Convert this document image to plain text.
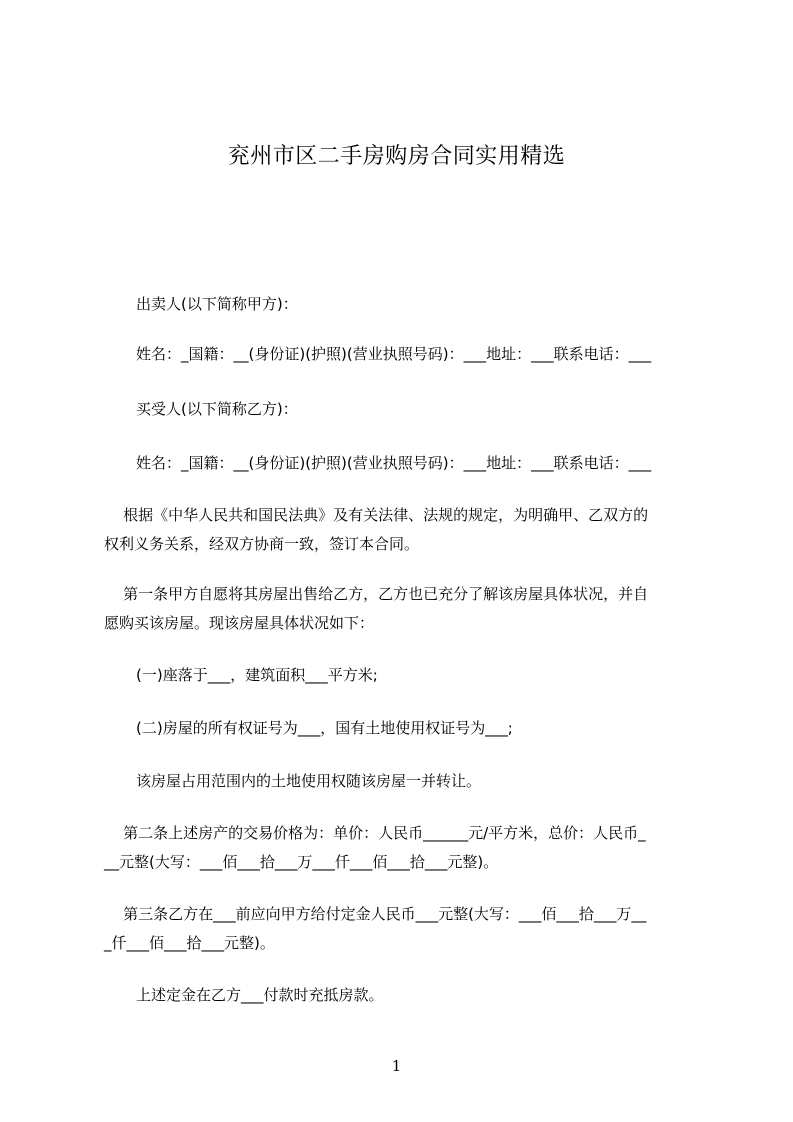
兖州市区二手房购房合同实用精选

出卖人(以下简称甲方)：

姓名：_国籍：__(身份证)(护照)(营业执照号码)：___地址：___联系电话：___

买受人(以下简称乙方)：

姓名：_国籍：__(身份证)(护照)(营业执照号码)：___地址：___联系电话：___

根据《中华人民共和国民法典》及有关法律、法规的规定，为明确甲、乙双方的
权利义务关系，经双方协商一致，签订本合同。

第一条甲方自愿将其房屋出售给乙方，乙方也已充分了解该房屋具体状况，并自
愿购买该房屋。现该房屋具体状况如下：

(一)座落于___，建筑面积___平方米;

(二)房屋的所有权证号为___，国有土地使用权证号为___;

该房屋占用范围内的土地使用权随该房屋一并转让。

第二条上述房产的交易价格为：单价：人民币______元/平方米，总价：人民币_
__元整(大写：___佰___拾___万___仟___佰___拾___元整)。

第三条乙方在___前应向甲方给付定金人民币___元整(大写：___佰___拾___万__
_仟___佰___拾___元整)。

上述定金在乙方___付款时充抵房款。

1
